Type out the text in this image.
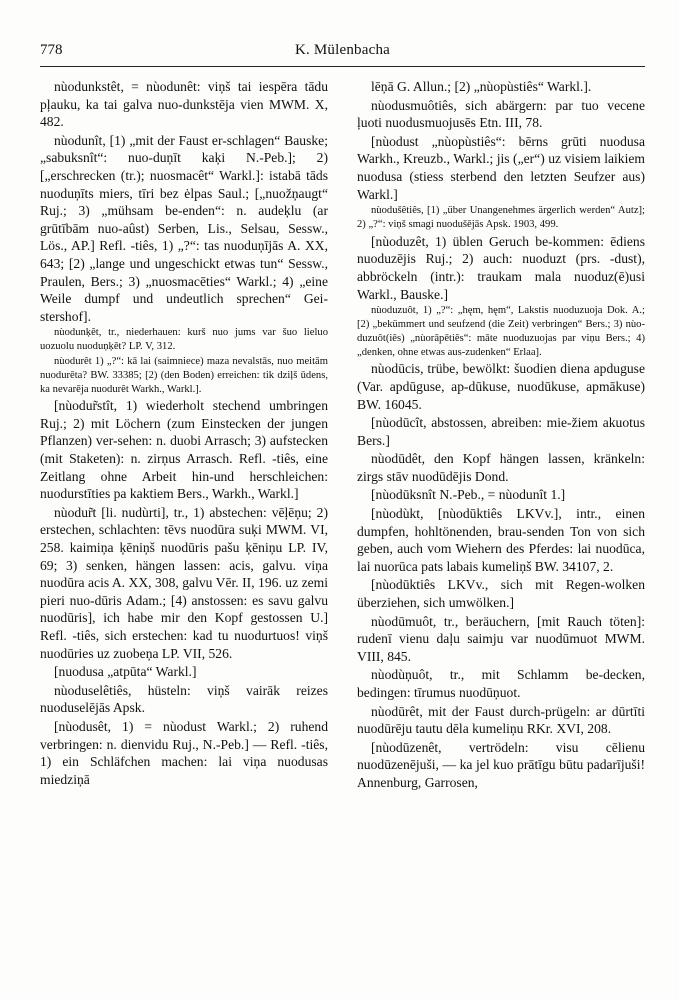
778	K. Mülenbacha

nùodunkstêt, = nùodunêt: viņš tai iespēra tādu pļauku, ka tai galva nuo-dunkstēja vien MWM. X, 482.

nùodunît, [1) „mit der Faust er-schlagen“ Bauske; „sabuksnît“: nuo-duņīt kaķi N.-Peb.]; 2) [„erschrecken (tr.); nuosmacêt“ Warkl.]: istabā tāds nuoduņīts miers, tīri bez ėlpas Saul.; [„nuožņaugt“ Ruj.; 3) „mühsam be-enden“: n. audeķlu (ar grūtībām nuo-aûst) Serben, Lis., Selsau, Sessw., Lös., AP.] Refl. -tiês, 1) „?“: tas nuoduņījās A. XX, 643; [2) „lange und ungeschickt etwas tun“ Sessw., Praulen, Bers.; 3) „nuosmacēties“ Warkl.; 4) „eine Weile dumpf und undeutlich sprechen“ Gei-stershof].

nùodunķêt, tr., niederhauen: kurš nuo jums var šuo lieluo uozuolu nuoduņķēt? LP. V, 312.

nùodurêt 1) „?“: kā lai (saimniece) maza nevalstās, nuo meitām nuodurēta? BW. 33385; [2) (den Boden) erreichen: tik dziļš ūdens, ka nevarēja nuodurêt Warkh., Warkl.].

[nùodur̃stît, 1) wiederholt stechend umbringen Ruj.; 2) mit Löchern (zum Einstecken der jungen Pflanzen) ver-sehen: n. duobi Arrasch; 3) aufstecken (mit Staketen): n. zirņus Arrasch. Refl. -tiês, eine Zeitlang ohne Arbeit hin-und herschleichen: nuodurstīties pa kaktiem Bers., Warkh., Warkl.]

nùodur̃t [li. nudùrti], tr., 1) abstechen: vēļēņu; 2) erstechen, schlachten: tēvs nuodūra suķi MWM. VI, 258. kaimiņa ķēniņš nuodūris pašu ķēniņu LP. IV, 69; 3) senken, hängen lassen: acis, galvu. viņa nuodūra acis A. XX, 308, galvu Vēr. II, 196. uz zemi pieri nuo-dūris Adam.; [4) anstossen: es savu galvu nuodūris], ich habe mir den Kopf gestossen U.] Refl. -tiês, sich erstechen: kad tu nuodurtuos! viņš nuodūries uz zuobeņa LP. VII, 526.

[nuodusa „atpūta“ Warkl.]

nùoduselêtiês, hüsteln: viņš vairāk reizes nuoduselējās Apsk.

[nùodusêt, 1) = nùodust Warkl.; 2) ruhend verbringen: n. dienvidu Ruj., N.-Peb.] — Refl. -tiês, 1) ein Schläfchen machen: lai viņa nuodusas miedziņā

lēņā G. Allun.; [2) „nùopùstiês“ Warkl.].

nùodusmuôtiês, sich abärgern: par tuo vecene ļuoti nuodusmuojusēs Etn. III, 78.

[nùodust „nùopùstiês“: bērns grūti nuodusa Warkh., Kreuzb., Warkl.; jis („er“) uz visiem laikiem nuodusa (stiess sterbend den letzten Seufzer aus) Warkl.]

nùodušêtiês, [1) „über Unangenehmes ärgerlich werden“ Autz]; 2) „?“: viņš smagi nuodušējās Apsk. 1903, 499.

[nùoduzêt, 1) üblen Geruch be-kommen: ēdiens nuoduzējis Ruj.; 2) auch: nuoduzt (prs. -dust), abbröckeln (intr.): traukam mala nuoduz(ē)usi Warkl., Bauske.]

nùoduzuôt, 1) „?“: „hęm, hęm“, Lakstis nuoduzuoja Dok. A.; [2) „bekümmert und seufzend (die Zeit) verbringen“ Bers.; 3) nùo-duzuôt(iês) „nùorāpētiês“: māte nuoduzuojas par viņu Bers.; 4) „denken, ohne etwas aus-zudenken“ Erlaa].

nùodūcis, trübe, bewölkt: šuodien diena apduguse (Var. apdūguse, ap-dūkuse, nuodūkuse, apmākuse) BW. 16045.

[nùodūcît, abstossen, abreiben: mie-žiem akuotus Bers.]

nùodūdêt, den Kopf hängen lassen, kränkeln: zirgs stāv nuodūdējis Dond.

[nùodūksnît N.-Peb., = nùodunît 1.]

[nùodùkt, [nùodūktiês LKVv.], intr., einen dumpfen, hohltönenden, brau-senden Ton von sich geben, auch vom Wiehern des Pferdes: lai nuodūca, lai nuorūca pats labais kumeliņš BW. 34107, 2.

[nùodūktiês LKVv., sich mit Regen-wolken überziehen, sich umwölken.]

nùodūmuôt, tr., beräuchern, [mit Rauch töten]: rudenī vienu daļu saimju var nuodūmuot MWM. VIII, 845.

nùodùņuôt, tr., mit Schlamm be-decken, bedingen: tīrumus nuodūņuot.

nùodūrêt, mit der Faust durch-prügeln: ar dūrtīti nuodūrēju tautu dēla kumeliņu RKr. XVI, 208.

[nùodūzenêt, vertrödeln: visu cēlienu nuodūzenējuši, — ka jel kuo prātīgu būtu padarījuši! Annenburg, Garrosen,
